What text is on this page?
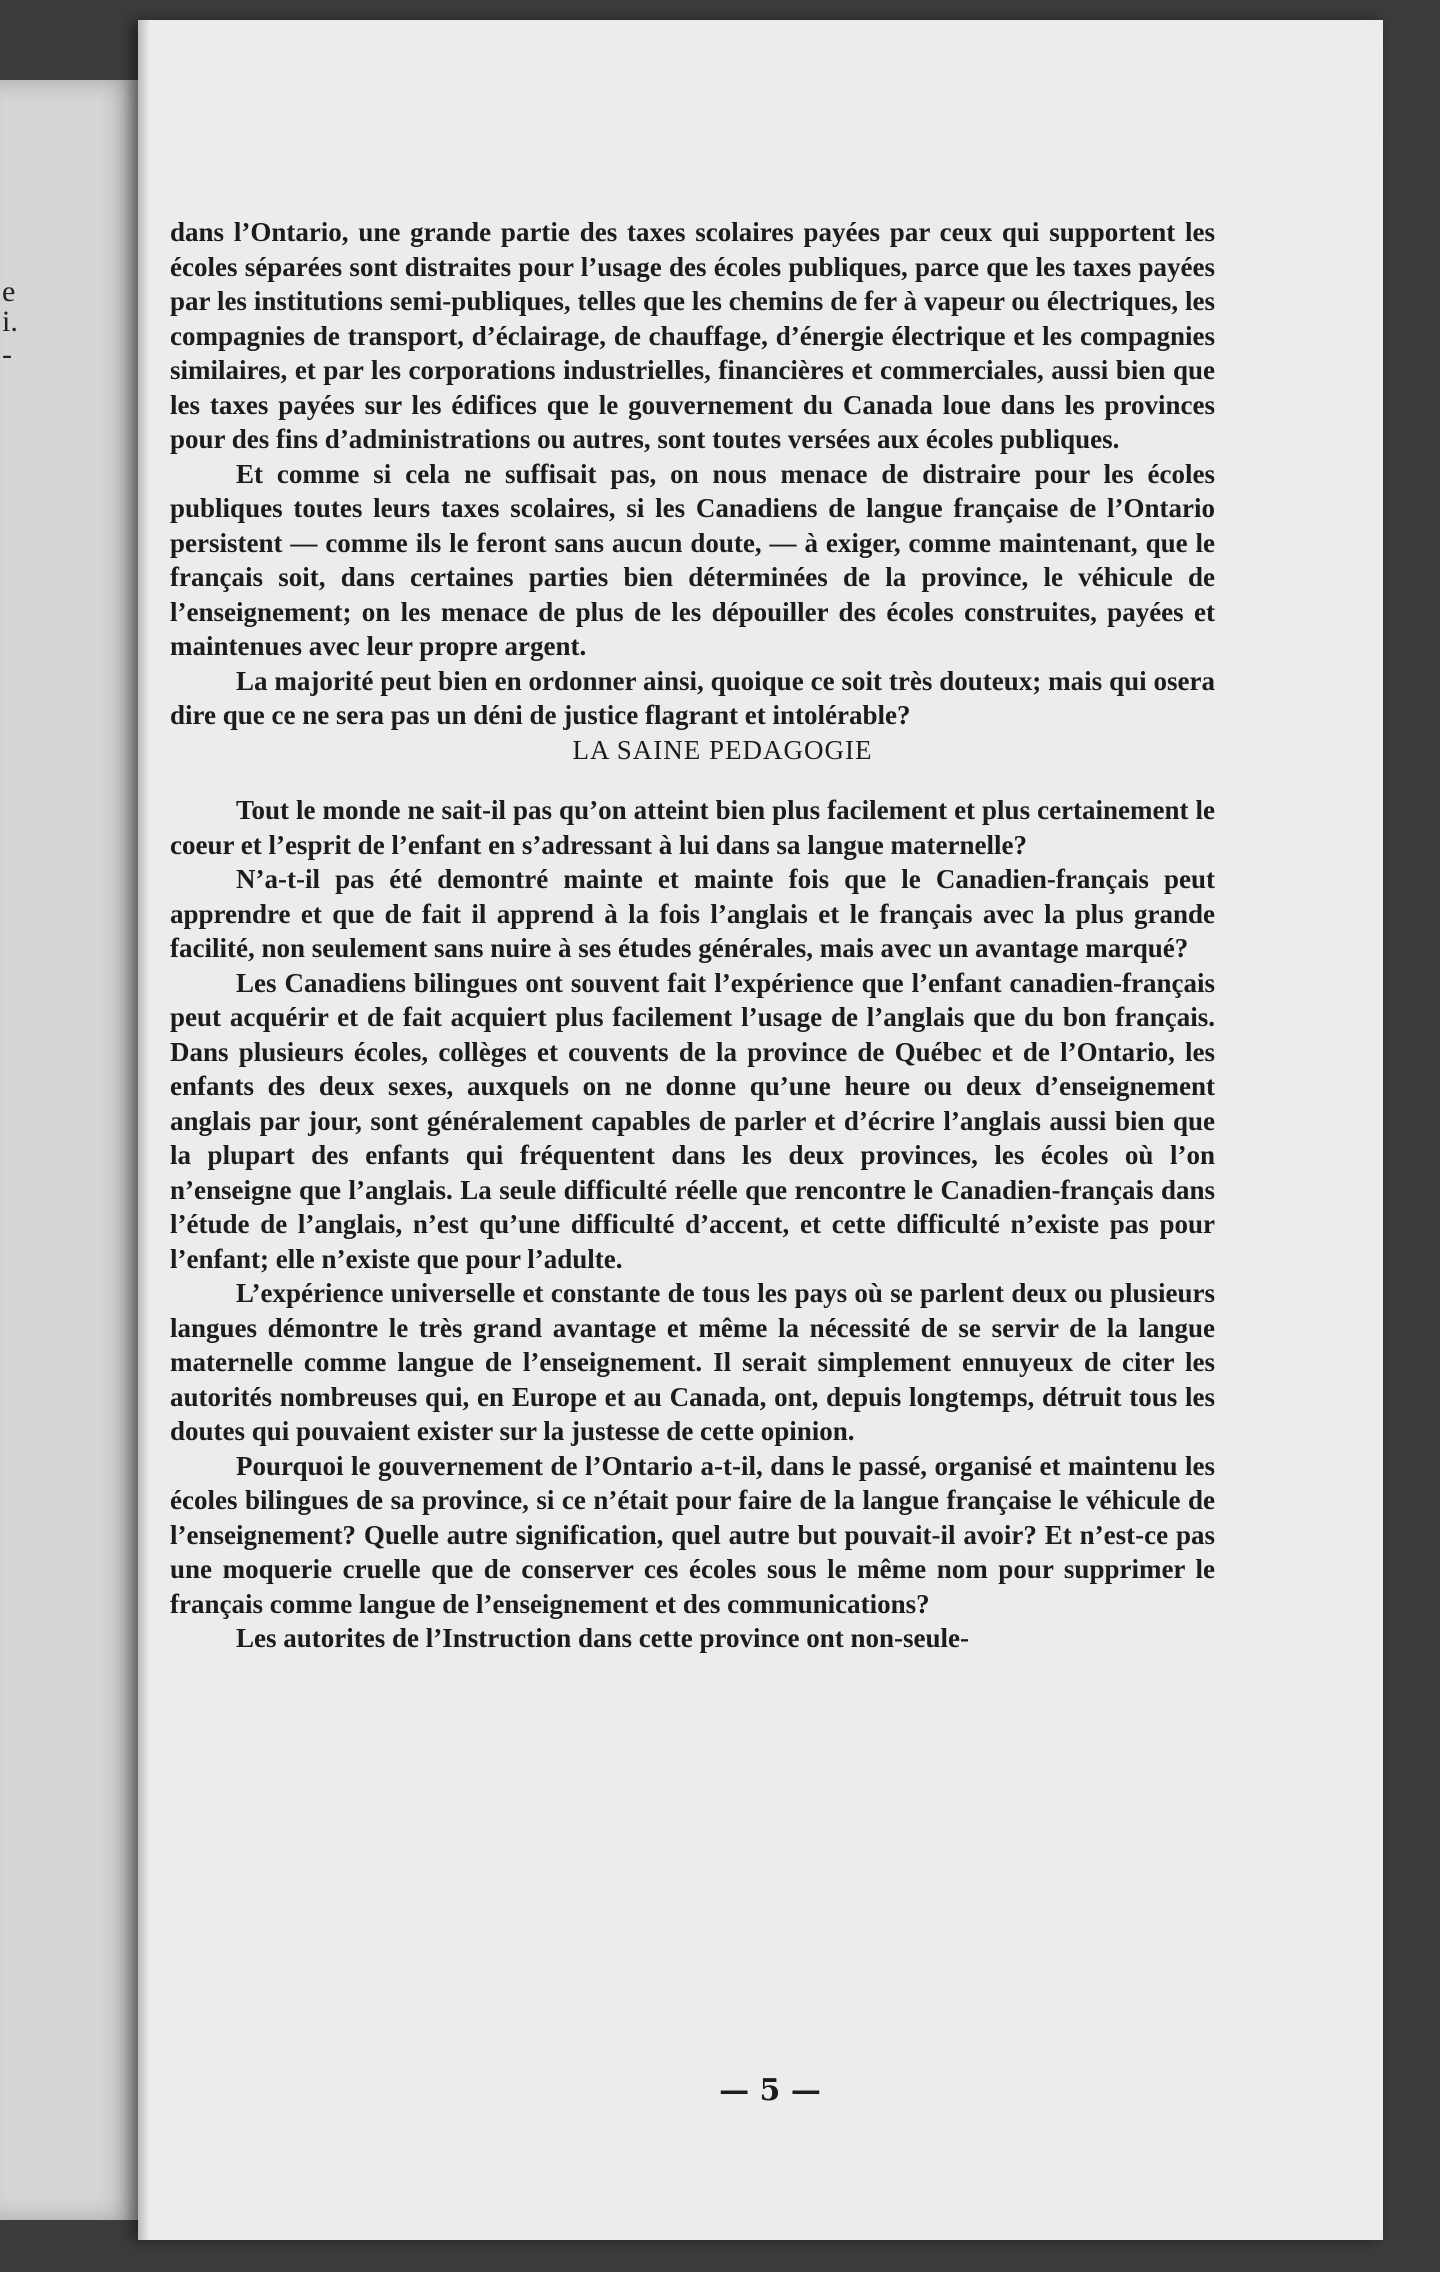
e
i.
-

dans l’Ontario, une grande partie des taxes scolaires payées par ceux qui supportent les écoles séparées sont distraites pour l’usage des écoles publiques, parce que les taxes payées par les institutions semi-publiques, telles que les chemins de fer à vapeur ou électriques, les compagnies de transport, d’éclairage, de chauffage, d’énergie électrique et les compagnies similaires, et par les corporations industrielles, financières et commerciales, aussi bien que les taxes payées sur les édifices que le gouvernement du Canada loue dans les provinces pour des fins d’administrations ou autres, sont toutes versées aux écoles publiques.

Et comme si cela ne suffisait pas, on nous menace de distraire pour les écoles publiques toutes leurs taxes scolaires, si les Canadiens de langue française de l’Ontario persistent — comme ils le feront sans aucun doute, — à exiger, comme maintenant, que le français soit, dans certaines parties bien déterminées de la province, le véhicule de l’enseignement; on les menace de plus de les dépouiller des écoles construites, payées et maintenues avec leur propre argent.

La majorité peut bien en ordonner ainsi, quoique ce soit très douteux; mais qui osera dire que ce ne sera pas un déni de justice flagrant et intolérable?

LA SAINE PEDAGOGIE

Tout le monde ne sait-il pas qu’on atteint bien plus facilement et plus certainement le coeur et l’esprit de l’enfant en s’adressant à lui dans sa langue maternelle?

N’a-t-il pas été demontré mainte et mainte fois que le Canadien-français peut apprendre et que de fait il apprend à la fois l’anglais et le français avec la plus grande facilité, non seulement sans nuire à ses études générales, mais avec un avantage marqué?

Les Canadiens bilingues ont souvent fait l’expérience que l’enfant canadien-français peut acquérir et de fait acquiert plus facilement l’usage de l’anglais que du bon français. Dans plusieurs écoles, collèges et couvents de la province de Québec et de l’Ontario, les enfants des deux sexes, auxquels on ne donne qu’une heure ou deux d’enseignement anglais par jour, sont généralement capables de parler et d’écrire l’anglais aussi bien que la plupart des enfants qui fréquentent dans les deux provinces, les écoles où l’on n’enseigne que l’anglais. La seule difficulté réelle que rencontre le Canadien-français dans l’étude de l’anglais, n’est qu’une difficulté d’accent, et cette difficulté n’existe pas pour l’enfant; elle n’existe que pour l’adulte.

L’expérience universelle et constante de tous les pays où se parlent deux ou plusieurs langues démontre le très grand avantage et même la nécessité de se servir de la langue maternelle comme langue de l’enseignement. Il serait simplement ennuyeux de citer les autorités nombreuses qui, en Europe et au Canada, ont, depuis longtemps, détruit tous les doutes qui pouvaient exister sur la justesse de cette opinion.

Pourquoi le gouvernement de l’Ontario a-t-il, dans le passé, organisé et maintenu les écoles bilingues de sa province, si ce n’était pour faire de la langue française le véhicule de l’enseignement? Quelle autre signification, quel autre but pouvait-il avoir? Et n’est-ce pas une moquerie cruelle que de conserver ces écoles sous le même nom pour supprimer le français comme langue de l’enseignement et des communications?

Les autorites de l’Instruction dans cette province ont non-seule-

— 5 —
